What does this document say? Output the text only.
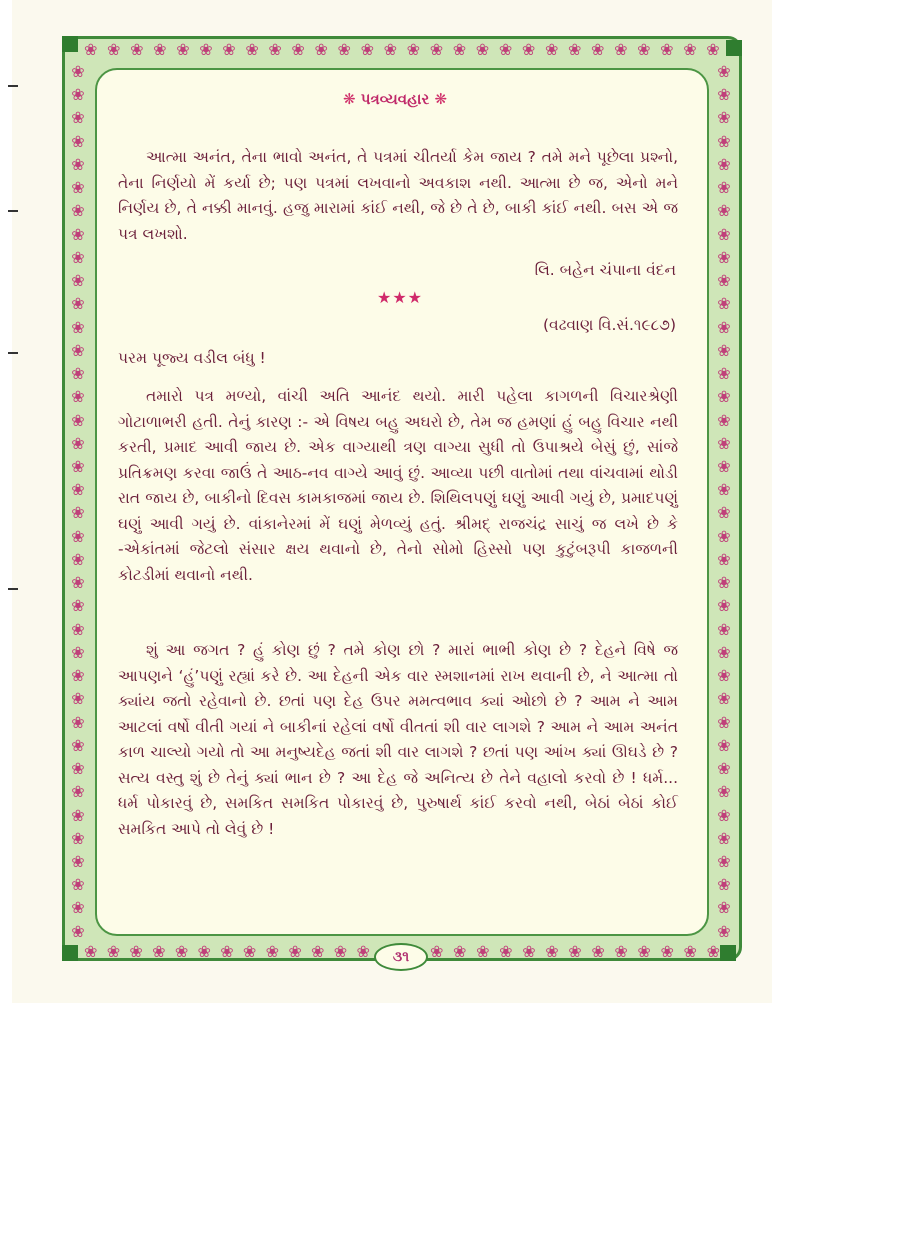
❀ ❀ ❀ ❀ ❀ ❀ ❀ ❀ ❀ ❀ ❀ ❀ ❀ ❀ ❀ ❀ ❀ ❀ ❀ ❀ ❀ ❀ ❀ ❀ ❀ ❀ ❀ ❀
❀ ❀ ❀ ❀ ❀ ❀ ❀ ❀ ❀ ❀ ❀ ❀ ❀	❀ ❀ ❀ ❀ ❀ ❀ ❀ ❀ ❀ ❀ ❀ ❀ ❀
❀
❀
❀
❀
❀
❀
❀
❀
❀
❀
❀
❀
❀
❀
❀
❀
❀
❀
❀
❀
❀
❀
❀
❀
❀
❀
❀
❀
❀
❀
❀
❀
❀
❀
❀
❀
❀
❀
❀
❀
❀
❀
❀
❀
❀
❀
❀
❀
❀
❀
❀
❀
❀
❀
❀
❀
❀
❀
❀
❀
❀
❀
❀
❀
❀
❀
❀
❀
❀
❀
❀
❀
❀
❀
❀
❀
❋ પત્રવ્યવહાર ❋
આત્મા અનંત, તેના ભાવો અનંત, તે પત્રમાં ચીતર્યા કેમ જાય ? તમે મને પૂછેલા પ્રશ્નો, તેના નિર્ણયો મેં કર્યા છે; પણ પત્રમાં લખવાનો અવકાશ નથી. આત્મા છે જ, એનો મને નિર્ણય છે, તે નક્કી માનવું. હજુ મારામાં કાંઈ નથી, જે છે તે છે, બાકી કાંઈ નથી. બસ એ જ પત્ર લખશો.
લિ. બહેન ચંપાના વંદન
★★★
(વઢવાણ વિ.સં.૧૯૮૭)
પરમ પૂજ્ય વડીલ બંધુ !
તમારો પત્ર મળ્યો, વાંચી અતિ આનંદ થયો. મારી પહેલા કાગળની વિચારશ્રેણી ગોટાળાભરી હતી. તેનું કારણ :- એ વિષય બહુ અઘરો છે, તેમ જ હમણાં હું બહુ વિચાર નથી કરતી, પ્રમાદ આવી જાય છે. એક વાગ્યાથી ત્રણ વાગ્યા સુધી તો ઉપાશ્રયે બેસું છું, સાંજે પ્રતિક્રમણ કરવા જાઉં તે આઠ-નવ વાગ્યે આવું છું. આવ્યા પછી વાતોમાં તથા વાંચવામાં થોડી રાત જાય છે, બાકીનો દિવસ કામકાજમાં જાય છે. શિથિલપણું ઘણું આવી ગયું છે, પ્રમાદપણું ઘણું આવી ગયું છે. વાંકાનેરમાં મેં ઘણું મેળવ્યું હતું. શ્રીમદ્ રાજચંદ્ર સાચું જ લખે છે કે -એકાંતમાં જેટલો સંસાર ક્ષય થવાનો છે, તેનો સોમો હિસ્સો પણ કુટુંબરૂપી કાજળની કોટડીમાં થવાનો નથી.
શું આ જગત ? હું કોણ છું ? તમે કોણ છો ? મારાં ભાભી કોણ છે ? દેહને વિષે જ આપણને ‘હું’પણું રહ્યાં કરે છે. આ દેહની એક વાર સ્મશાનમાં રાખ થવાની છે, ને આત્મા તો ક્યાંય જતો રહેવાનો છે. છતાં પણ દેહ ઉપર મમત્વભાવ ક્યાં ઓછો છે ? આમ ને આમ આટલાં વર્ષો વીતી ગયાં ને બાકીનાં રહેલાં વર્ષો વીતતાં શી વાર લાગશે ? આમ ને આમ અનંત કાળ ચાલ્યો ગયો તો આ મનુષ્યદેહ જતાં શી વાર લાગશે ? છતાં પણ આંખ ક્યાં ઊઘડે છે ? સત્ય વસ્તુ શું છે તેનું ક્યાં ભાન છે ? આ દેહ જે અનિત્ય છે તેને વહાલો કરવો છે ! ધર્મ... ધર્મ પોકારવું છે, સમકિત સમકિત પોકારવું છે, પુરુષાર્થ કાંઈ કરવો નથી, બેઠાં બેઠાં કોઈ સમકિત આપે તો લેવું છે !
૩૧
